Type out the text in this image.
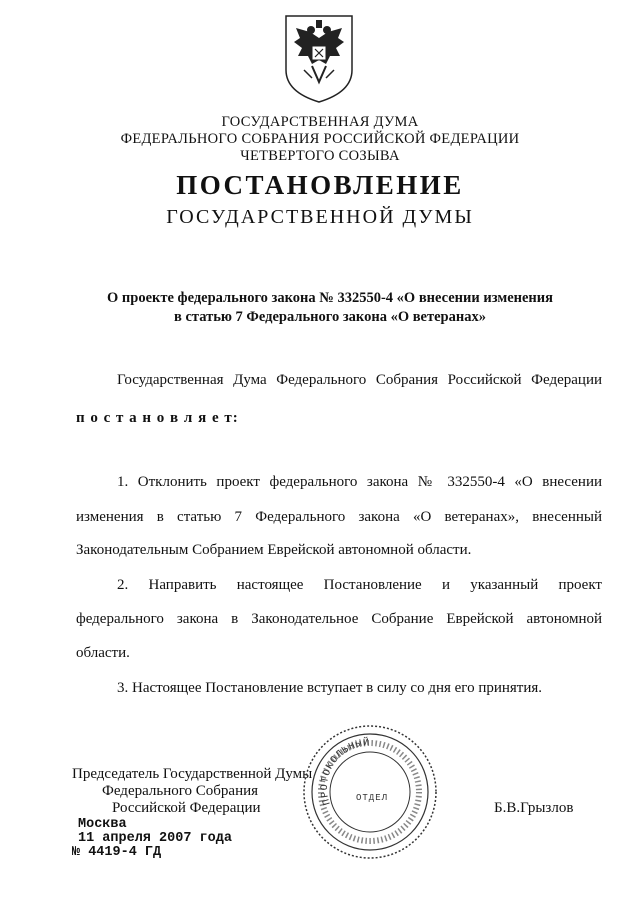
ГОСУДАРСТВЕННАЯ ДУМА
ФЕДЕРАЛЬНОГО СОБРАНИЯ РОССИЙСКОЙ ФЕДЕРАЦИИ
ЧЕТВЕРТОГО СОЗЫВА
ПОСТАНОВЛЕНИЕ
ГОСУДАРСТВЕННОЙ ДУМЫ
О проекте федерального закона № 332550-4 «О внесении изменения
в статью 7 Федерального закона «О ветеранах»
Государственная Дума Федерального Собрания Российской Федерации
п о с т а н о в л я е т:
1. Отклонить проект федерального закона № 332550-4 «О внесении
изменения в статью 7 Федерального закона «О ветеранах», внесенный
Законодательным Собранием Еврейской автономной области.
2. Направить настоящее Постановление и указанный проект
федерального закона в Законодательное Собрание Еврейской автономной
области.
3. Настоящее Постановление вступает в силу со дня его принятия.
Председатель Государственной Думы
Федерального Собрания
Российской Федерации	Б.В.Грызлов
ПРОТОКОЛЬНЫЙ
ОТДЕЛ
Москва
11 апреля 2007 года
№ 4419-4 ГД
